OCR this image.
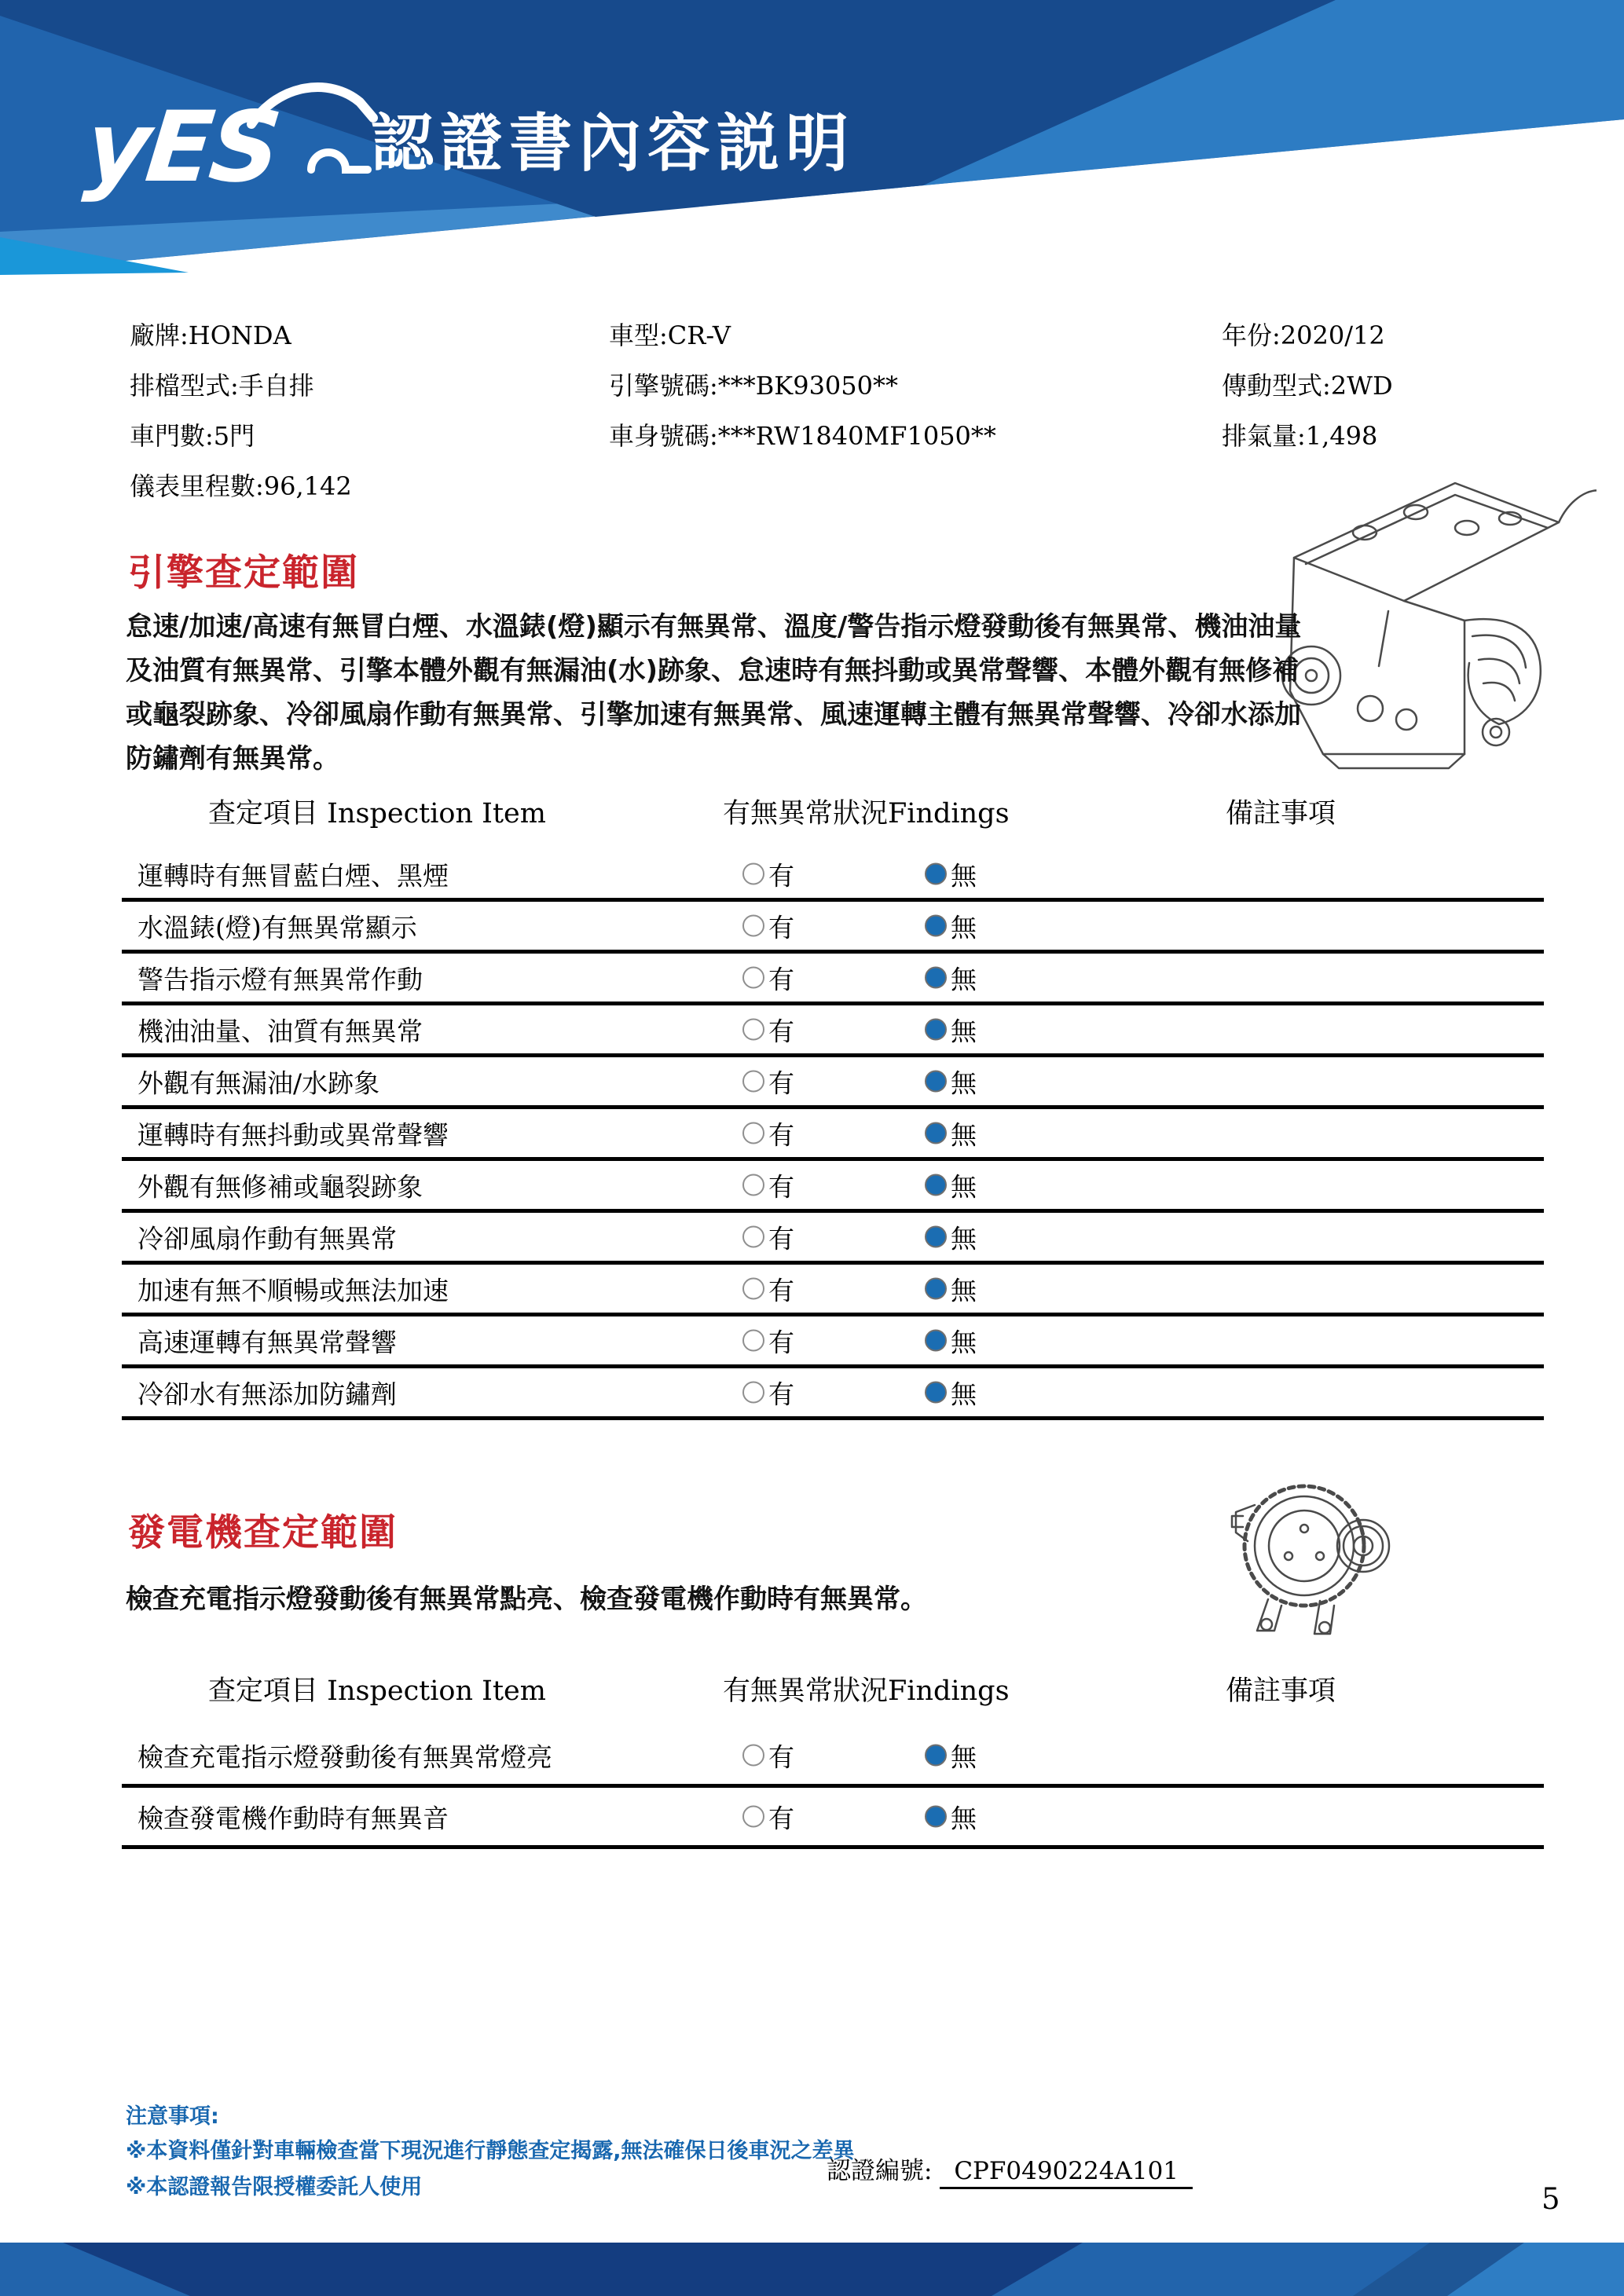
yES 認證書內容説明
廠牌:HONDA
排檔型式:手自排
車門數:5門
儀表里程數:96,142
車型:CR-V
引擎號碼:***BK93050**
車身號碼:***RW1840MF1050**
年份:2020/12
傳動型式:2WD
排氣量:1,498
引擎查定範圍
怠速/加速/高速有無冒白煙、水溫錶(燈)顯示有無異常、溫度/警告指示燈發動後有無異常、機油油量及油質有無異常、引擎本體外觀有無漏油(水)跡象、怠速時有無抖動或異常聲響、本體外觀有無修補或龜裂跡象、冷卻風扇作動有無異常、引擎加速有無異常、風速運轉主體有無異常聲響、冷卻水添加防鏽劑有無異常。
查定項目 Inspection Item	有無異常狀況Findings	備註事項
運轉時有無冒藍白煙、黑煙	有	無
水溫錶(燈)有無異常顯示	有	無
警告指示燈有無異常作動	有	無
機油油量、油質有無異常	有	無
外觀有無漏油/水跡象	有	無
運轉時有無抖動或異常聲響	有	無
外觀有無修補或龜裂跡象	有	無
冷卻風扇作動有無異常	有	無
加速有無不順暢或無法加速	有	無
高速運轉有無異常聲響	有	無
冷卻水有無添加防鏽劑	有	無
發電機查定範圍
檢查充電指示燈發動後有無異常點亮、檢查發電機作動時有無異常。
查定項目 Inspection Item	有無異常狀況Findings	備註事項
檢查充電指示燈發動後有無異常燈亮	有	無
檢查發電機作動時有無異音	有	無
注意事項:
※本資料僅針對車輛檢查當下現況進行靜態查定揭露,無法確保日後車況之差異
※本認證報告限授權委託人使用
認證編號: CPF0490224A101
5
